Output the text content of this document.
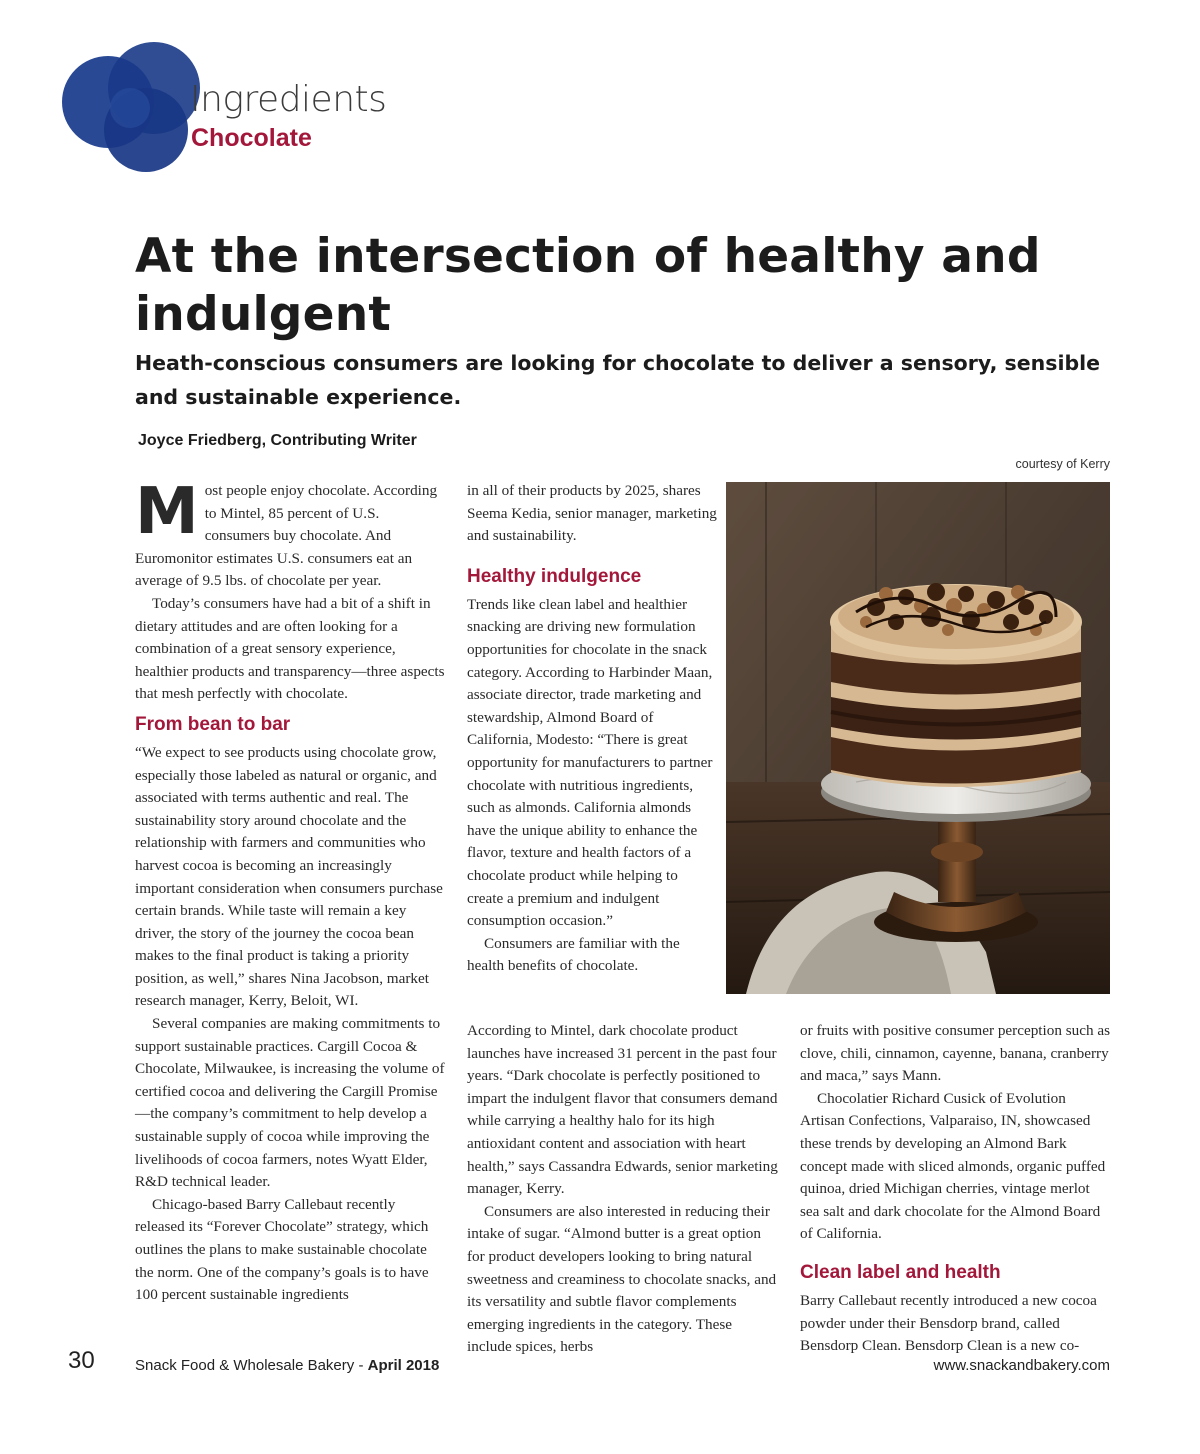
Ingredients
Chocolate
At the intersection of healthy and indulgent

Heath-conscious consumers are looking for chocolate to deliver a sensory, sensible and sustainable experience.

Joyce Friedberg, Contributing Writer
courtesy of Kerry
M ost people enjoy chocolate. According to Mintel, 85 percent of U.S. consumers buy chocolate. And Euromonitor estimates U.S. consumers eat an average of 9.5 lbs. of chocolate per year.

Today’s consumers have had a bit of a shift in dietary attitudes and are often looking for a combination of a great sensory experience, healthier products and transparency—three aspects that mesh perfectly with chocolate.

From bean to bar

“We expect to see products using chocolate grow, especially those labeled as natural or organic, and associated with terms authentic and real. The sustainability story around chocolate and the relationship with farmers and communities who harvest cocoa is becoming an increasingly important consideration when consumers purchase certain brands. While taste will remain a key driver, the story of the journey the cocoa bean makes to the final product is taking a priority position, as well,” shares Nina Jacobson, market research manager, Kerry, Beloit, WI.

Several companies are making commitments to support sustainable practices. Cargill Cocoa & Chocolate, Milwaukee, is increasing the volume of certified cocoa and delivering the Cargill Promise—the company’s commitment to help develop a sustainable supply of cocoa while improving the livelihoods of cocoa farmers, notes Wyatt Elder, R&D technical leader.

Chicago-based Barry Callebaut recently released its “Forever Chocolate” strategy, which outlines the plans to make sustainable chocolate the norm. One of the company’s goals is to have 100 percent sustainable ingredients

in all of their products by 2025, shares Seema Kedia, senior manager, marketing and sustainability.

Healthy indulgence

Trends like clean label and healthier snacking are driving new formulation opportunities for chocolate in the snack category. According to Harbinder Maan, associate director, trade marketing and stewardship, Almond Board of California, Modesto: “There is great opportunity for manufacturers to partner chocolate with nutritious ingredients, such as almonds. California almonds have the unique ability to enhance the flavor, texture and health factors of a chocolate product while helping to create a premium and indulgent consumption occasion.”

Consumers are familiar with the health benefits of chocolate.

According to Mintel, dark chocolate product launches have increased 31 percent in the past four years. “Dark chocolate is perfectly positioned to impart the indulgent flavor that consumers demand while carrying a healthy halo for its high antioxidant content and association with heart health,” says Cassandra Edwards, senior marketing manager, Kerry.

Consumers are also interested in reducing their intake of sugar. “Almond butter is a great option for product developers looking to bring natural sweetness and creaminess to chocolate snacks, and its versatility and subtle flavor complements emerging ingredients in the category. These include spices, herbs

or fruits with positive consumer perception such as clove, chili, cinnamon, cayenne, banana, cranberry and maca,” says Mann.

Chocolatier Richard Cusick of Evolution Artisan Confections, Valparaiso, IN, showcased these trends by developing an Almond Bark concept made with sliced almonds, organic puffed quinoa, dried Michigan cherries, vintage merlot sea salt and dark chocolate for the Almond Board of California.

Clean label and health

Barry Callebaut recently introduced a new cocoa powder under their Bensdorp brand, called Bensdorp Clean. Bensdorp Clean is a new co-

30	Snack Food & Wholesale Bakery - April 2018	www.snackandbakery.com
